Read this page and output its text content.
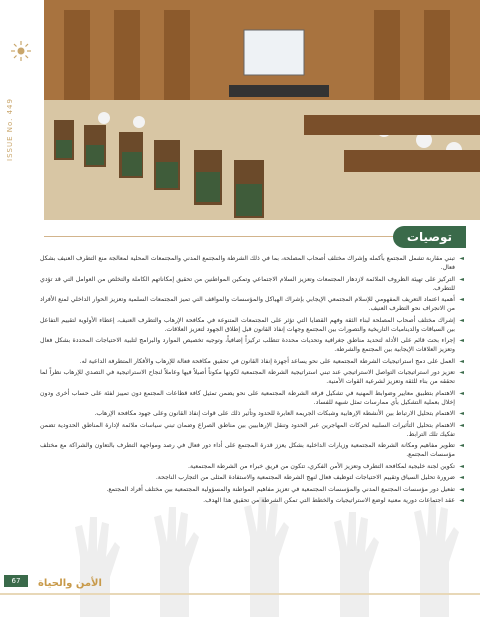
ISSUE No. 449
توصيات
◄
تبني مقاربة تشمل المجتمع بأكمله وإشراك مختلف أصحاب المصلحة، بما في ذلك الشرطة والمجتمع المدني والمجتمعات المحلية لمعالجة منع التطرف العنيف بشكل فعال.
◄
التركيز على تهيئة الظروف الملائمة لازدهار المجتمعات وتعزيز السلام الاجتماعي وتمكين المواطنين من تحقيق إمكاناتهم الكاملة والتخلص من العوامل التي قد تؤدي للتطرف.
◄
أهمية اعتماد التعريف المفهومي للإسلام المجتمعي الإيجابي بإشراك الهياكل والمؤسسات والمواقف التي تميز المجتمعات السلمية وتعزيز الحوار الداخلي لمنع الأفراد من الانجراف نحو التطرف العنيف.
◄
إشراك مختلف أصحاب المصلحة لبناء الثقة وفهم القضايا التي تؤثر على المجتمعات المتنوعة في مكافحة الإرهاب والتطرف العنيف، إعطاء الأولوية لتقييم التفاعل بين السياقات والديناميات التاريخية والتصورات بين المجتمع وجهات إنفاذ القانون قبل إطلاق الجهود لتعزيز العلاقات.
◄
إجراء بحث قائم على الأدلة لتحديد مناطق جغرافية وتحديات محددة تتطلب تركيزاً إضافياً، وتوجيه تخصيص الموارد والبرامج لتلبية الاحتياجات المحددة بشكل فعال وتعزيز العلاقات الإيجابية بين المجتمع والشرطة.
◄
العمل على دمج استراتيجيات الشرطة المجتمعية على نحو يساعد أجهزة إنفاذ القانون في تحقيق مكافحة فعالة للإرهاب والأفكار المتطرفة الداعية له.
◄
تعزيز دور استراتيجيات التواصل الاستراتيجي عند تبني استراتيجية الشرطة المجتمعية لكونها مكوناً أصيلاً فيها وعاملاً لنجاح الاستراتيجية في التصدي للإرهاب نظراً لما تحققه من بناء للثقة وتعزيز لشرعية القوات الأمنية.
◄
الاهتمام بتطبيق معايير وضوابط المهنية في تشكيل فرقة الشرطة المجتمعية على نحو يضمن تمثيل كافة قطاعات المجتمع دون تمييز لفئة على حساب أخرى ودون إخلال بعملية التشكيل بأي ممارسات تمثل شبهة للفساد.
◄
الاهتمام بتحليل الارتباط بين الأنشطة الإرهابية وشبكات الجريمة العابرة للحدود وتأثير ذلك على قوات إنفاذ القانون وعلى جهود مكافحة الإرهاب.
◄
الاهتمام بتحليل التأثيرات السلبية لحركات المهاجرين عبر الحدود وتنقل الإرهابيين بين مناطق الصراع وضمان تبني سياسات ملائمة لإدارة المناطق الحدودية تضمن تفكيك تلك الترابط.
◄
تطوير مفاهيم ومكانة الشرطة المجتمعية وزيارات الداخلية بشكل يعزز قدرة المجتمع على أداء دور فعال في رصد ومواجهة التطرف بالتعاون والشراكة مع مختلف مؤسسات المجتمع.
◄
تكوين لجنة خليجية لمكافحة التطرف وتعزيز الأمن الفكري، تتكون من فريق خبراء من الشرطة المجتمعية.
◄
ضرورة تحليل السياق وتقييم الاحتياجات لتوظيف فعال لنهج الشرطة المجتمعية والاستفادة المثلى من التجارب الناجحة.
◄
تفعيل دور مؤسسات المجتمع المدني والمؤسسات المجتمعية في تعزيز مفاهيم المواطنة والمسؤولية المجتمعية بين مختلف أفراد المجتمع.
◄
عقد اجتماعات دورية معنية لوضع الاستراتيجيات والخطط التي تمكن الشرطة من تحقيق هذا الهدف.
67	الأمن والحياة
